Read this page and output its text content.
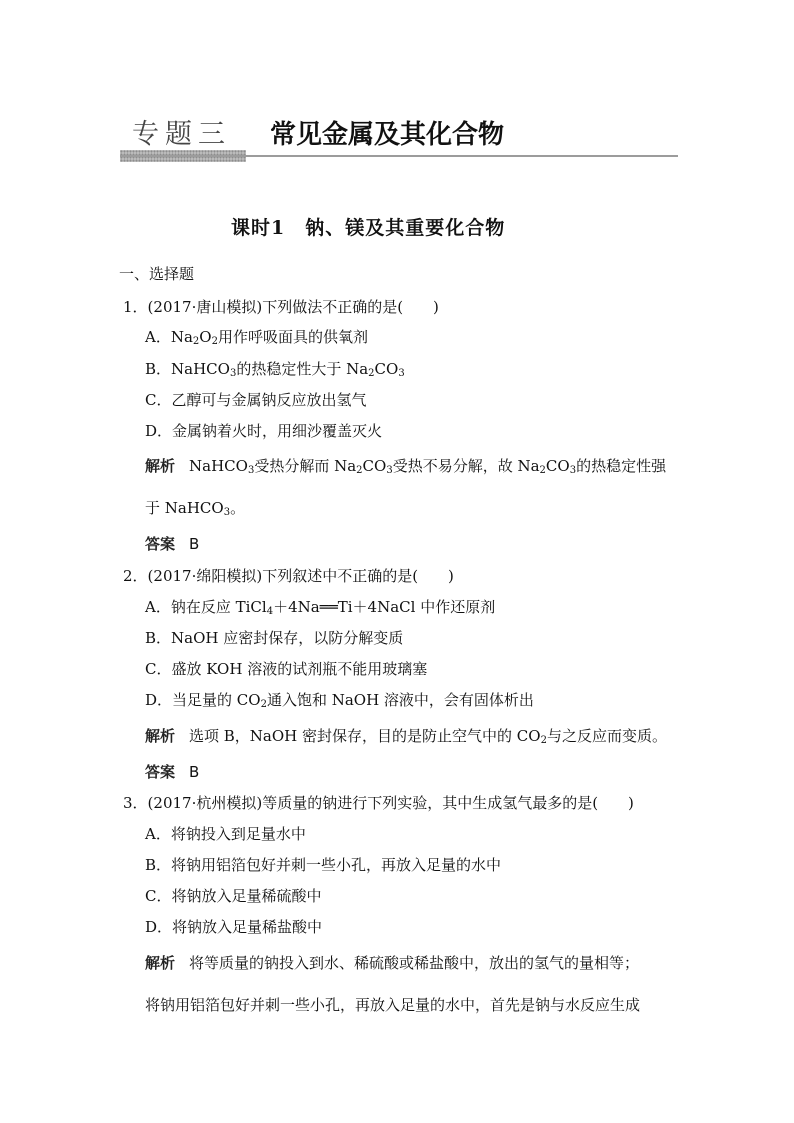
专题三 常见金属及其化合物
课时1　钠、镁及其重要化合物
一、选择题
1．(2017·唐山模拟)下列做法不正确的是(　　)
A．$Na_2O_2$用作呼吸面具的供氧剂
B．NaHCO$_3$的热稳定性大于 $Na_2CO_3$
C．乙醇可与金属钠反应放出氢气
D．金属钠着火时，用细沙覆盖灭火
解析 NaHCO$_3$受热分解而 $Na_2CO_3$受热不易分解，故 $Na_2CO_3$的热稳定性强
于 NaHCO$_3$。
答案 B
2．(2017·绵阳模拟)下列叙述中不正确的是(　　)
A．钠在反应 TiCl$_4$＋4Na══Ti＋4NaCl 中作还原剂
B．NaOH 应密封保存，以防分解变质
C．盛放 KOH 溶液的试剂瓶不能用玻璃塞
D．当足量的 $CO_2$通入饱和 NaOH 溶液中，会有固体析出
解析 选项 B，NaOH 密封保存，目的是防止空气中的 $CO_2$与之反应而变质。
答案 B
3．(2017·杭州模拟)等质量的钠进行下列实验，其中生成氢气最多的是(　　)
A．将钠投入到足量水中
B．将钠用铝箔包好并刺一些小孔，再放入足量的水中
C．将钠放入足量稀硫酸中
D．将钠放入足量稀盐酸中
解析 将等质量的钠投入到水、稀硫酸或稀盐酸中，放出的氢气的量相等；
将钠用铝箔包好并刺一些小孔，再放入足量的水中，首先是钠与水反应生成
